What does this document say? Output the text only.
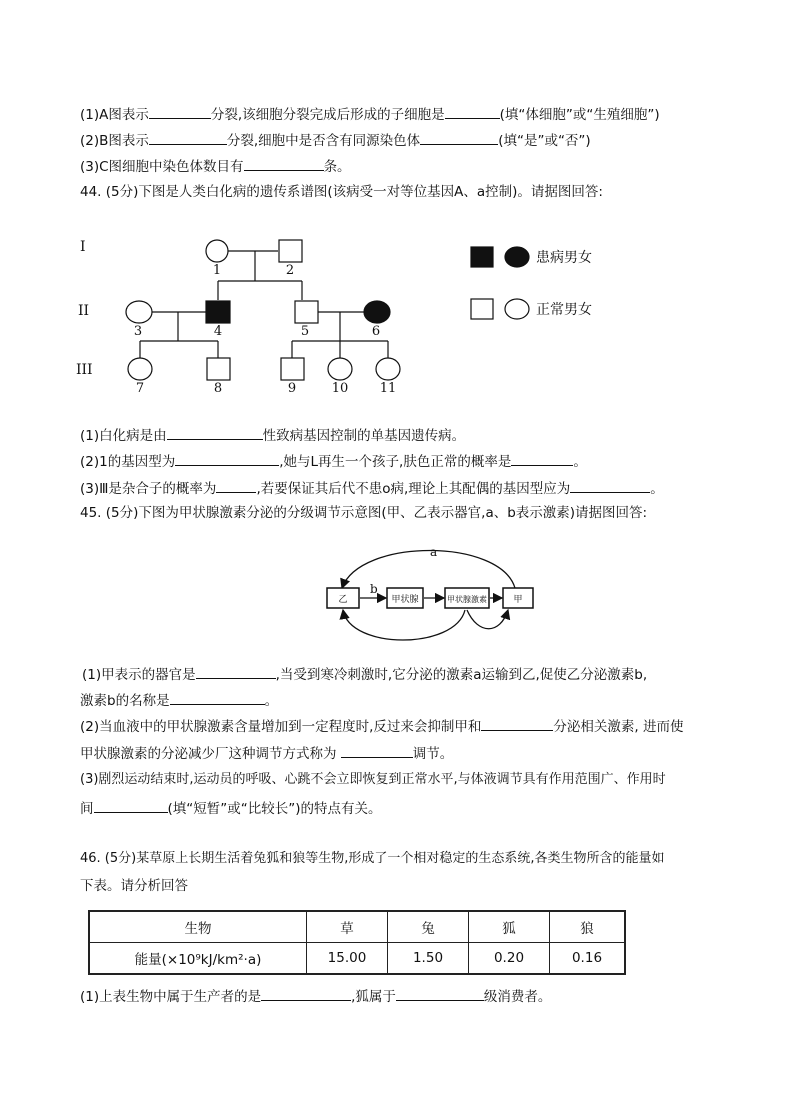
(1)A图表示	分裂,该细胞分裂完成后形成的子细胞是	(填“体细胞”或“生殖细胞”)
(2)B图表示	分裂,细胞中是否含有同源染色体	(填“是”或“否”)
(3)C图细胞中染色体数目有	条。
44. (5分)下图是人类白化病的遗传系谱图(该病受一对等位基因A、a控制)。请据图回答:
I
II
III
1	2
3	4	5	6
7	8	9	10 11
患病男女
正常男女
(1)白化病是由	性致病基因控制的单基因遗传病。
(2)1的基因型为	,她与L再生一个孩子,肤色正常的概率是	。
(3)Ⅲ是杂合子的概率为	,若要保证其后代不患o病,理论上其配偶的基因型应为	。
45. (5分)下图为甲状腺激素分泌的分级调节示意图(甲、乙表示器官,a、b表示激素)请据图回答:
乙	甲状腺	甲状腺激素	甲
a
b
(1)甲表示的器官是	,当受到寒冷刺激时,它分泌的激素a运输到乙,促使乙分泌激素b,
激素b的名称是	。
(2)当血液中的甲状腺激素含量增加到一定程度时,反过来会抑制甲和	分泌相关激素, 进而使
甲状腺激素的分泌减少厂这种调节方式称为	调节。
(3)剧烈运动结束时,运动员的呼吸、心跳不会立即恢复到正常水平,与体液调节具有作用范围广、作用时
间	(填“短暂”或“比较长”)的特点有关。
46. (5分)某草原上长期生活着兔狐和狼等生物,形成了一个相对稳定的生态系统,各类生物所含的能量如
下表。请分析回答
生物	草	兔	狐	狼
能量(×10⁹kJ/km²·a)	15.00	1.50	0.20	0.16
(1)上表生物中属于生产者的是	,狐属于	级消费者。
